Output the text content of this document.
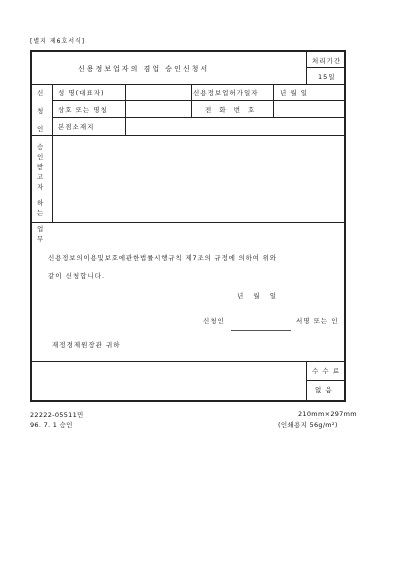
[별지 제6호서식]
신용정보업자의 겸업 승인신청서
처리기간
15일
신
청
인
성 명(대표자)	신용정보업허가일자	년 월 일
상호 또는 명칭	전 화 번 호
본점소재지
승
인
받
고
자
하
는
업
무
신용정보의이용및보호에관한법률시행규칙 제7조의 규정에 의하여 위와
같이 신청합니다.
년 월 일
신청인	서명 또는 인
재정경제원장관 귀하
수 수 료
없 음
22222-05511민
96. 7. 1 승인
210mm×297mm
(인쇄용지 56g/m²)
